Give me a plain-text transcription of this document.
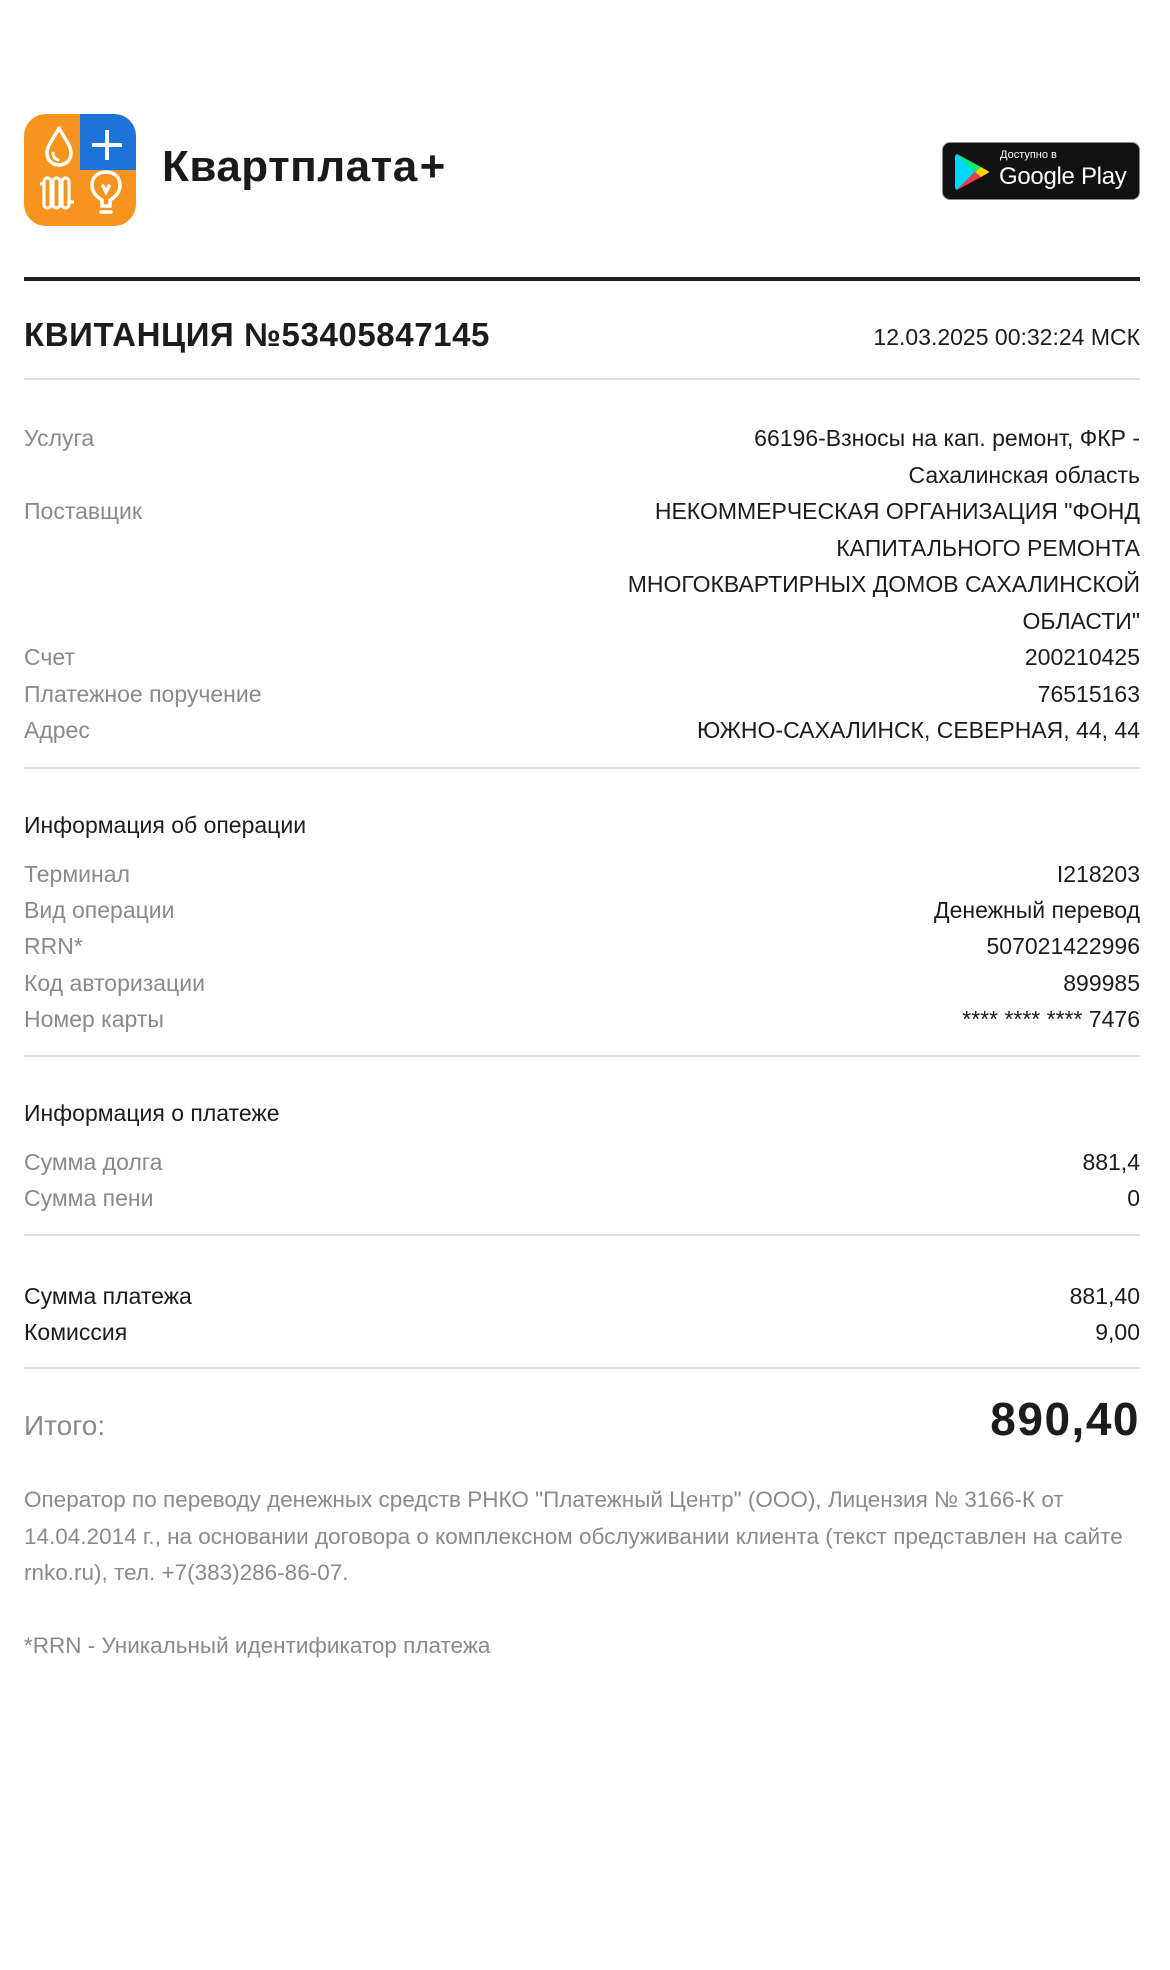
Квартплата+	Доступно в
Google Play
КВИТАНЦИЯ №53405847145	12.03.2025 00:32:24 МСК
Услуга	66196-Взносы на кап. ремонт, ФКР -
Сахалинская область
Поставщик	НЕКОММЕРЧЕСКАЯ ОРГАНИЗАЦИЯ "ФОНД
КАПИТАЛЬНОГО РЕМОНТА
МНОГОКВАРТИРНЫХ ДОМОВ САХАЛИНСКОЙ
ОБЛАСТИ"
Счет	200210425
Платежное поручение	76515163
Адрес	ЮЖНО-САХАЛИНСК, СЕВЕРНАЯ, 44, 44
Информация об операции
Терминал	I218203
Вид операции	Денежный перевод
RRN*	507021422996
Код авторизации	899985
Номер карты	**** **** **** 7476
Информация о платеже
Сумма долга	881,4
Сумма пени	0
Сумма платежа	881,40
Комиссия	9,00
Итого:	890,40
Оператор по переводу денежных средств РНКО "Платежный Центр" (ООО), Лицензия № 3166-К от 14.04.2014 г., на основании договора о комплексном обслуживании клиента (текст представлен на сайте rnko.ru), тел. +7(383)286-86-07.
*RRN - Уникальный идентификатор платежа
